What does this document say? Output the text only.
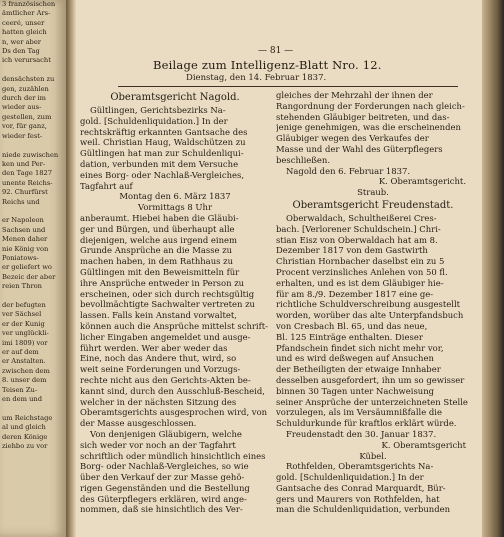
3 französischen
ämtlicher Ars-
ceeré, unser
hatten gleich
n, wer aber
Ds den Tag
ich verursacht

densächsten zu
gen, zuzählen
durch der im
wieder aus-
gestellen, zum
vor, für ganz,
wieder fest-

niede zuwischen
ken und Per-
den Tage 1827
unente Reichs-
92. Churfürst
Reichs und

er Napoleon
Sachsen und
Menen daher
nie König von
Poniatows-
er geliefert wo
Bezeic der aber
reien Thron

der befugten
ver Sächsel
er der Kunig
ver unglückli-
imi 1809) vor
er auf dem
er Anstalten.
zwischen dem
8. unser dem
Teisen Zu-
en dem und

um Reichstage
al und gleich
deren Könige
ziehbo zu vor
— 81 —
Beilage zum Intelligenz-Blatt Nro. 12.
Dienstag, den 14. Februar 1837.
Oberamtsgericht Nagold.
Gültlingen, Gerichtsbezirks Na-
gold. [Schuldenliquidation.] In der
rechtskräftig erkannten Gantsache des
weil. Christian Haug, Waldschützen zu
Gültlingen hat man zur Schuldenliqui-
dation, verbunden mit dem Versuche
eines Borg- oder Nachlaß-Vergleiches,
Tagfahrt auf
Montag den 6. März 1837
Vormittags 8 Uhr
anberaumt. Hiebei haben die Gläubi-
ger und Bürgen, und überhaupt alle
diejenigen, welche aus irgend einem
Grunde Ansprüche an die Masse zu
machen haben, in dem Rathhaus zu
Gültlingen mit den Beweismitteln für
ihre Ansprüche entweder in Person zu
erscheinen, oder sich durch rechtsgültig
bevollmächtigte Sachwalter vertreten zu
lassen. Falls kein Anstand vorwaltet,
können auch die Ansprüche mittelst schrift-
licher Eingaben angemeldet und ausge-
führt werden. Wer aber weder das
Eine, noch das Andere thut, wird, so
weit seine Forderungen und Vorzugs-
rechte nicht aus den Gerichts-Akten be-
kannt sind, durch den Ausschluß-Bescheid,
welcher in der nächsten Sitzung des
Oberamtsgerichts ausgesprochen wird, von
der Masse ausgeschlossen.
Von denjenigen Gläubigern, welche
sich weder vor noch an der Tagfahrt
schriftlich oder mündlich hinsichtlich eines
Borg- oder Nachlaß-Vergleiches, so wie
über den Verkauf der zur Masse gehö-
rigen Gegenständen und die Bestellung
des Güterpflegers erklären, wird ange-
nommen, daß sie hinsichtlich des Ver-
gleiches der Mehrzahl der ihnen der
Rangordnung der Forderungen nach gleich-
stehenden Gläubiger beitreten, und das-
jenige genehmigen, was die erscheinenden
Gläubiger wegen des Verkaufes der
Masse und der Wahl des Güterpflegers
beschließen.
Nagold den 6. Februar 1837.
K. Oberamtsgericht.
Straub.
Oberamtsgericht Freudenstadt.
Oberwaldach, Schultheißerei Cres-
bach. [Verlorener Schuldschein.] Chri-
stian Eisz von Oberwaldach hat am 8.
Dezember 1817 von dem Gastwirth
Christian Hornbacher daselbst ein zu 5
Procent verzinsliches Anlehen von 50 fl.
erhalten, und es ist dem Gläubiger hie-
für am 8./9. Dezember 1817 eine ge-
richtliche Schuldverschreibung ausgestellt
worden, worüber das alte Unterpfandsbuch
von Cresbach Bl. 65, und das neue,
Bl. 125 Einträge enthalten. Dieser
Pfandschein findet sich nicht mehr vor,
und es wird deßwegen auf Ansuchen
der Betheiligten der etwaige Innhaber
desselben ausgefordert, ihn um so gewisser
binnen 30 Tagen unter Nachweisung
seiner Ansprüche der unterzeichneten Stelle
vorzulegen, als im Versäumnißfalle die
Schuldurkunde für kraftlos erklärt würde.
Freudenstadt den 30. Januar 1837.
K. Oberamtsgericht
Kübel.
Rothfelden, Oberamtsgerichts Na-
gold. [Schuldenliquidation.] In der
Gantsache des Conrad Marquardt, Bür-
gers und Maurers von Rothfelden, hat
man die Schuldenliquidation, verbunden
